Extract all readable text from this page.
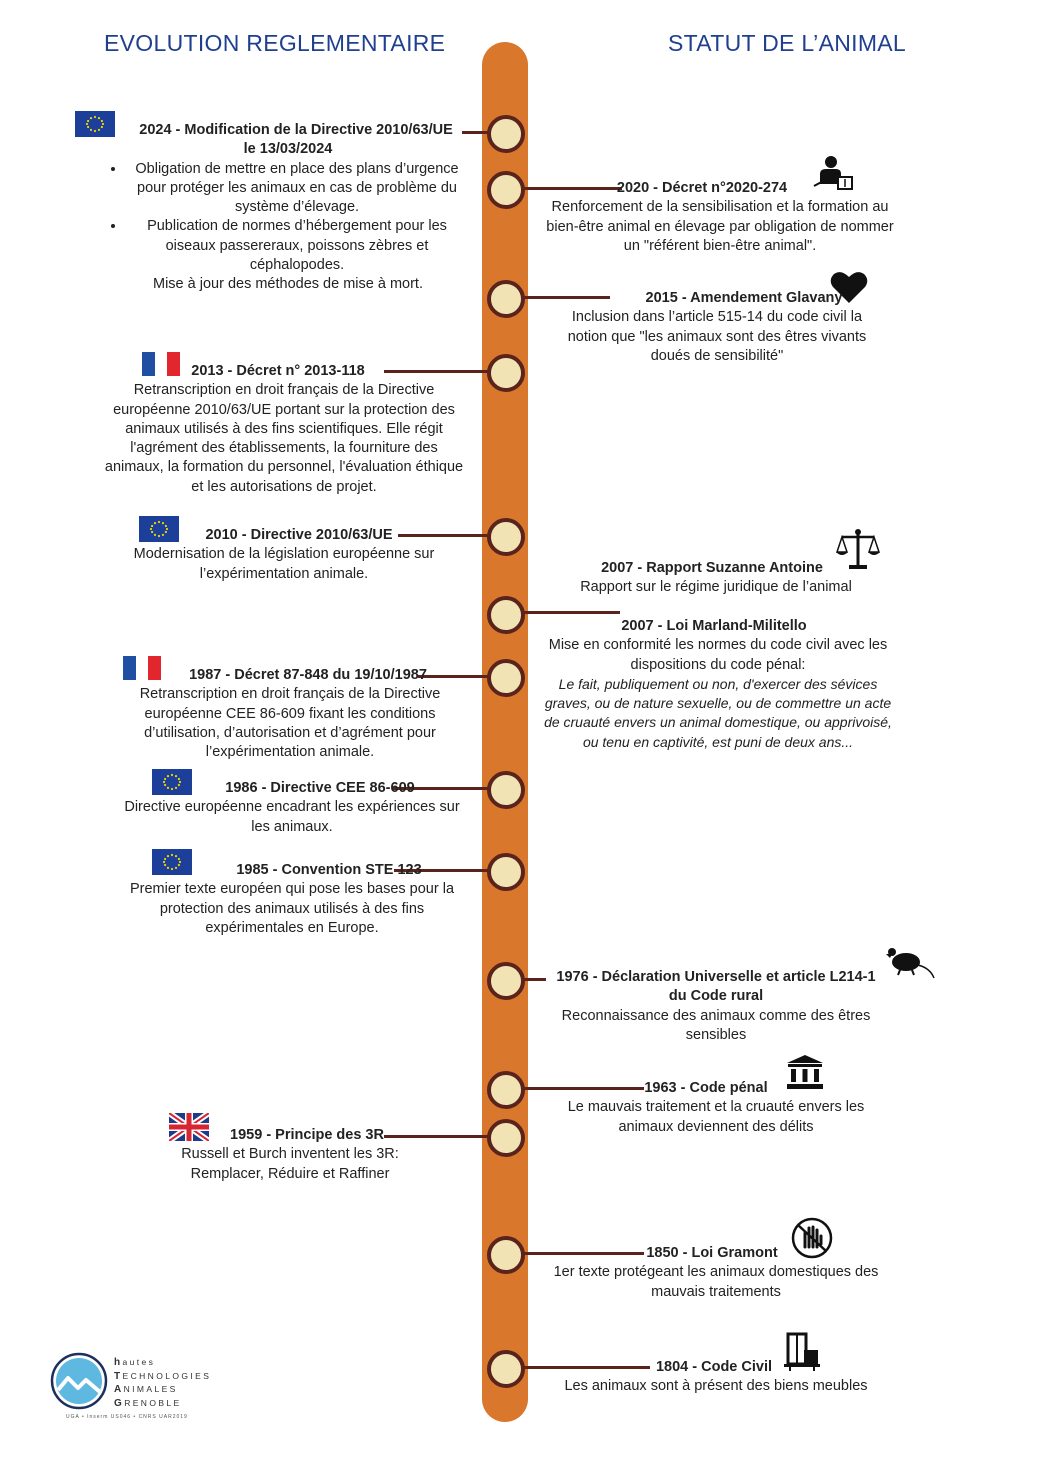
EVOLUTION REGLEMENTAIRE	STATUT DE L’ANIMAL
2024 - Modification de la Directive 2010/63/UE
le 13/03/2024
• Obligation de mettre en place des plans d’urgence pour protéger les animaux en cas de problème du système d’élevage.
• Publication de normes d’hébergement pour les oiseaux passereraux, poissons zèbres et céphalopodes.
Mise à jour des méthodes de mise à mort.
2013 - Décret n° 2013-118
Retranscription en droit français de la Directive européenne 2010/63/UE portant sur la protection des animaux utilisés à des fins scientifiques. Elle régit l'agrément des établissements, la fourniture des animaux, la formation du personnel, l'évaluation éthique et les autorisations de projet.
2010 - Directive 2010/63/UE
Modernisation de la législation européenne sur l’expérimentation animale.
1987 - Décret 87-848 du 19/10/1987
Retranscription en droit français de la Directive européenne CEE 86-609 fixant les conditions d’utilisation, d’autorisation et d’agrément pour l’expérimentation animale.
1986 - Directive CEE 86-609
Directive européenne encadrant les expériences sur les animaux.
1985 - Convention STE 123
Premier texte européen qui pose les bases pour la protection des animaux utilisés à des fins expérimentales en Europe.
1959 - Principe des 3R
Russell et Burch inventent les 3R:
Remplacer, Réduire et Raffiner
2020 - Décret n°2020-274
Renforcement de la sensibilisation et la formation au bien-être animal en élevage par obligation de nommer un "référent bien-être animal".
2015 - Amendement Glavany
Inclusion dans l’article 515-14 du code civil la notion que "les animaux sont des êtres vivants doués de sensibilité"
2007 - Rapport Suzanne Antoine
Rapport sur le régime juridique de l’animal
2007 - Loi Marland-Militello
Mise en conformité les normes du code civil avec les dispositions du code pénal:
Le fait, publiquement ou non, d'exercer des sévices graves, ou de nature sexuelle, ou de commettre un acte de cruauté envers un animal domestique, ou apprivoisé, ou tenu en captivité, est puni de deux ans...
1976 - Déclaration Universelle et article L214-1 du Code rural
Reconnaissance des animaux comme des êtres sensibles
1963 - Code pénal
Le mauvais traitement et la cruauté envers les animaux deviennent des délits
1850 - Loi Gramont
1er texte protégeant les animaux domestiques des mauvais traitements
1804 - Code Civil
Les animaux sont à présent des biens meubles
hautes
TECHNOLOGIES
ANIMALES
GRENOBLE
UGA • Inserm US046 • CNRS UAR2019
